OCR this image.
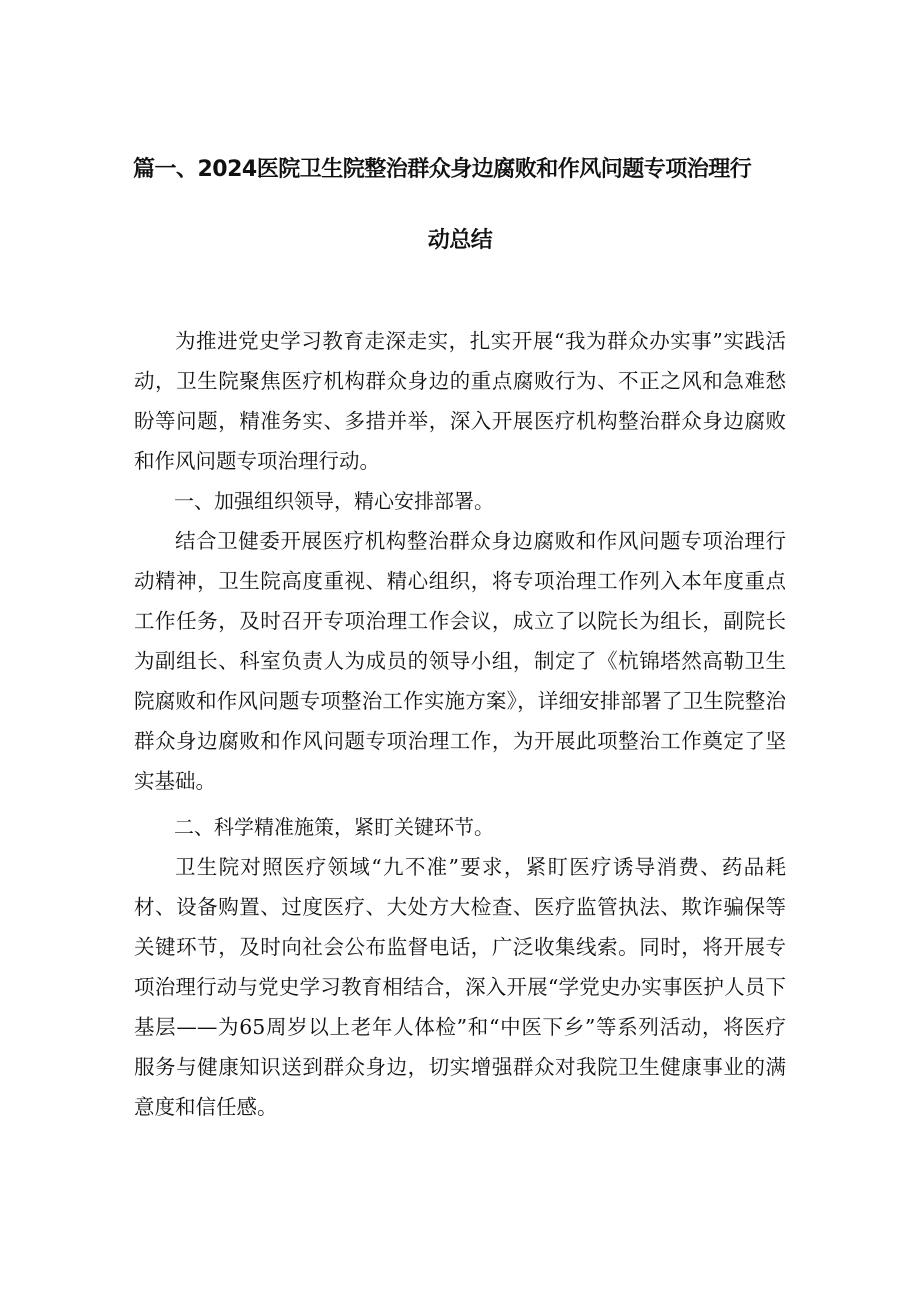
篇一、2024医院卫生院整治群众身边腐败和作风问题专项治理行
动总结

为推进党史学习教育走深走实，扎实开展“我为群众办实事”实践活动，卫生院聚焦医疗机构群众身边的重点腐败行为、不正之风和急难愁盼等问题，精准务实、多措并举，深入开展医疗机构整治群众身边腐败和作风问题专项治理行动。

一、加强组织领导，精心安排部署。

结合卫健委开展医疗机构整治群众身边腐败和作风问题专项治理行动精神，卫生院高度重视、精心组织，将专项治理工作列入本年度重点工作任务，及时召开专项治理工作会议，成立了以院长为组长，副院长为副组长、科室负责人为成员的领导小组，制定了《杭锦塔然高勒卫生院腐败和作风问题专项整治工作实施方案》，详细安排部署了卫生院整治群众身边腐败和作风问题专项治理工作，为开展此项整治工作奠定了坚实基础。

二、科学精准施策，紧盯关键环节。

卫生院对照医疗领域“九不准”要求，紧盯医疗诱导消费、药品耗材、设备购置、过度医疗、大处方大检查、医疗监管执法、欺诈骗保等关键环节，及时向社会公布监督电话，广泛收集线索。同时，将开展专项治理行动与党史学习教育相结合，深入开展“学党史办实事医护人员下基层——为65周岁以上老年人体检”和“中医下乡”等系列活动，将医疗服务与健康知识送到群众身边，切实增强群众对我院卫生健康事业的满意度和信任感。
